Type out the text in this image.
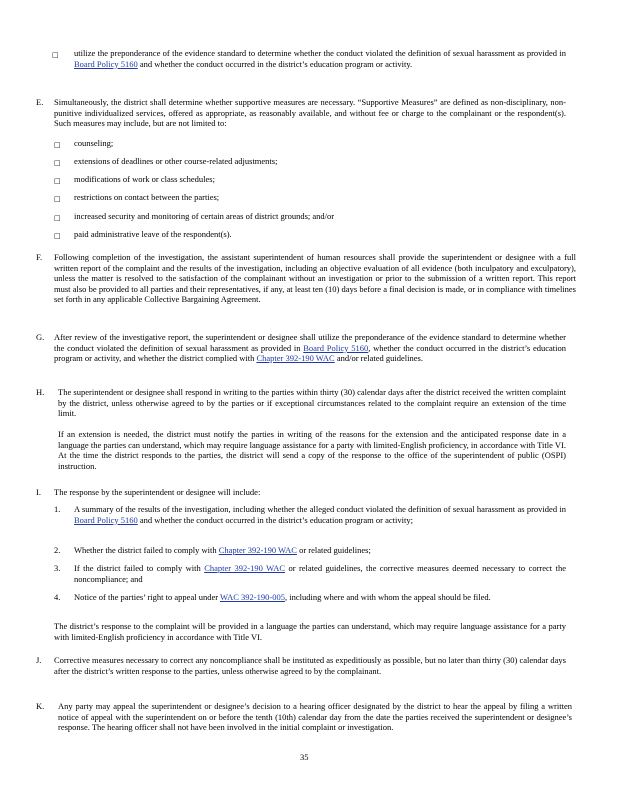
□ utilize the preponderance of the evidence standard to determine whether the conduct violated the definition of sexual harassment as provided in Board Policy 5160 and whether the conduct occurred in the district’s education program or activity.

E. Simultaneously, the district shall determine whether supportive measures are necessary. “Supportive Measures” are defined as non-disciplinary, non-punitive individualized services, offered as appropriate, as reasonably available, and without fee or charge to the complainant or the respondent(s). Such measures may include, but are not limited to:

□ counseling;
□ extensions of deadlines or other course-related adjustments;
□ modifications of work or class schedules;
□ restrictions on contact between the parties;
□ increased security and monitoring of certain areas of district grounds; and/or
□ paid administrative leave of the respondent(s).
F. Following completion of the investigation, the assistant superintendent of human resources shall provide the superintendent or designee with a full written report of the complaint and the results of the investigation, including an objective evaluation of all evidence (both inculpatory and exculpatory), unless the matter is resolved to the satisfaction of the complainant without an investigation or prior to the submission of a written report. This report must also be provided to all parties and their representatives, if any, at least ten (10) days before a final decision is made, or in compliance with timelines set forth in any applicable Collective Bargaining Agreement.

G. After review of the investigative report, the superintendent or designee shall utilize the preponderance of the evidence standard to determine whether the conduct violated the definition of sexual harassment as provided in Board Policy 5160, whether the conduct occurred in the district’s education program or activity, and whether the district complied with Chapter 392-190 WAC and/or related guidelines.

H. The superintendent or designee shall respond in writing to the parties within thirty (30) calendar days after the district received the written complaint by the district, unless otherwise agreed to by the parties or if exceptional circumstances related to the complaint require an extension of the time limit.

If an extension is needed, the district must notify the parties in writing of the reasons for the extension and the anticipated response date in a language the parties can understand, which may require language assistance for a party with limited-English proficiency, in accordance with Title VI. At the time the district responds to the parties, the district will send a copy of the response to the office of the superintendent of public (OSPI) instruction.

I. The response by the superintendent or designee will include:

1. A summary of the results of the investigation, including whether the alleged conduct violated the definition of sexual harassment as provided in Board Policy 5160 and whether the conduct occurred in the district’s education program or activity;

2. Whether the district failed to comply with Chapter 392-190 WAC or related guidelines;

3. If the district failed to comply with Chapter 392-190 WAC or related guidelines, the corrective measures deemed necessary to correct the noncompliance; and

4. Notice of the parties’ right to appeal under WAC 392-190-005, including where and with whom the appeal should be filed.

The district’s response to the complaint will be provided in a language the parties can understand, which may require language assistance for a party with limited-English proficiency in accordance with Title VI.

J. Corrective measures necessary to correct any noncompliance shall be instituted as expeditiously as possible, but no later than thirty (30) calendar days after the district’s written response to the parties, unless otherwise agreed to by the complainant.

K. Any party may appeal the superintendent or designee’s decision to a hearing officer designated by the district to hear the appeal by filing a written notice of appeal with the superintendent on or before the tenth (10th) calendar day from the date the parties received the superintendent or designee’s response. The hearing officer shall not have been involved in the initial complaint or investigation.

35
